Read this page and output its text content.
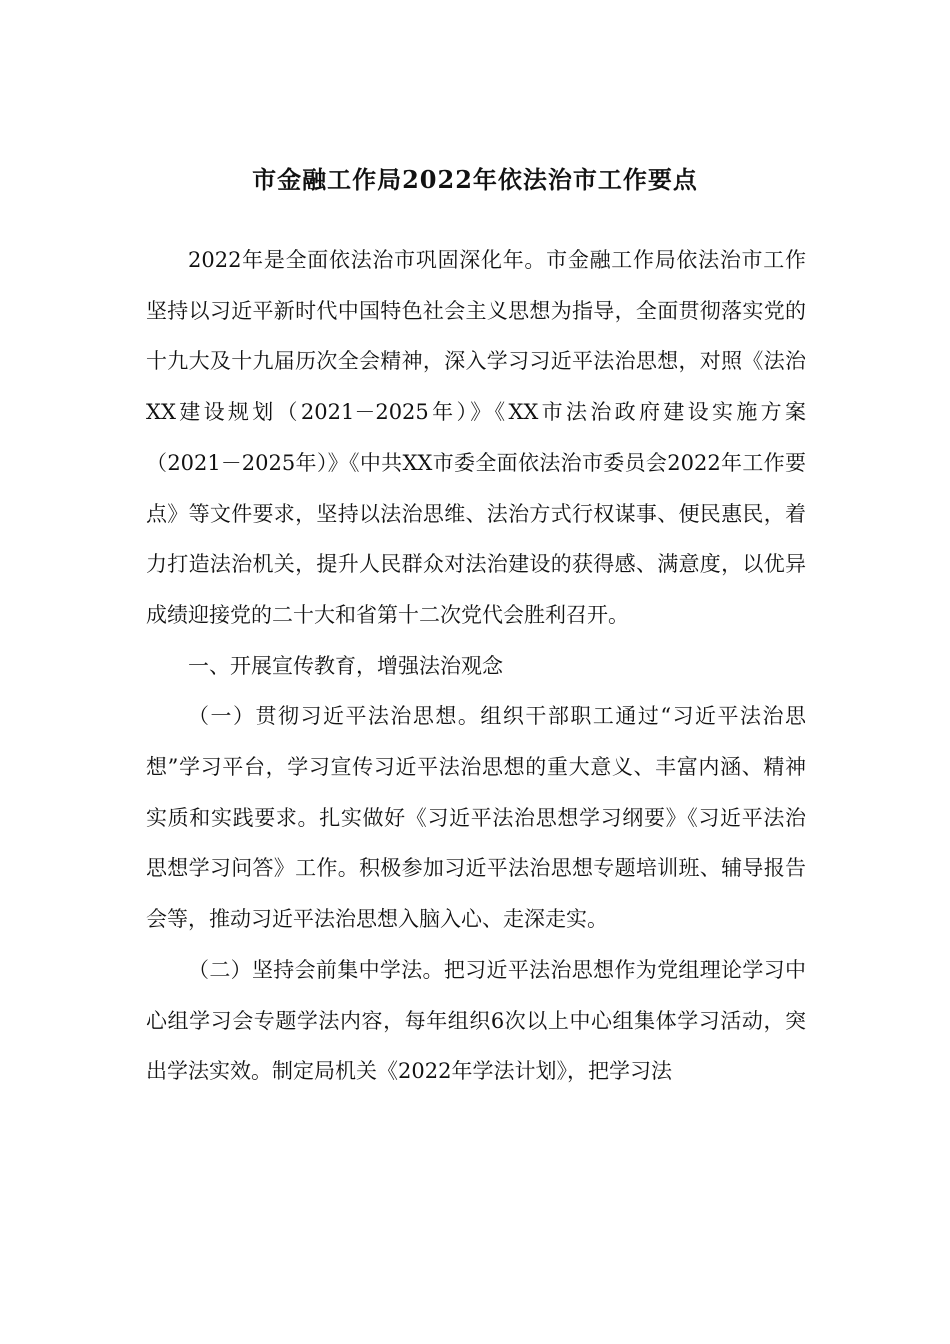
市金融工作局2022年依法治市工作要点

2022年是全面依法治市巩固深化年。市金融工作局依法治市工作坚持以习近平新时代中国特色社会主义思想为指导，全面贯彻落实党的十九大及十九届历次全会精神，深入学习习近平法治思想，对照《法治XX建设规划（2021－2025年）》《XX市法治政府建设实施方案（2021－2025年）》《中共XX市委全面依法治市委员会2022年工作要点》等文件要求，坚持以法治思维、法治方式行权谋事、便民惠民，着力打造法治机关，提升人民群众对法治建设的获得感、满意度，以优异成绩迎接党的二十大和省第十二次党代会胜利召开。

一、开展宣传教育，增强法治观念

（一）贯彻习近平法治思想。组织干部职工通过“习近平法治思想”学习平台，学习宣传习近平法治思想的重大意义、丰富内涵、精神实质和实践要求。扎实做好《习近平法治思想学习纲要》《习近平法治思想学习问答》工作。积极参加习近平法治思想专题培训班、辅导报告会等，推动习近平法治思想入脑入心、走深走实。

（二）坚持会前集中学法。把习近平法治思想作为党组理论学习中心组学习会专题学法内容，每年组织6次以上中心组集体学习活动，突出学法实效。制定局机关《2022年学法计划》，把学习法
